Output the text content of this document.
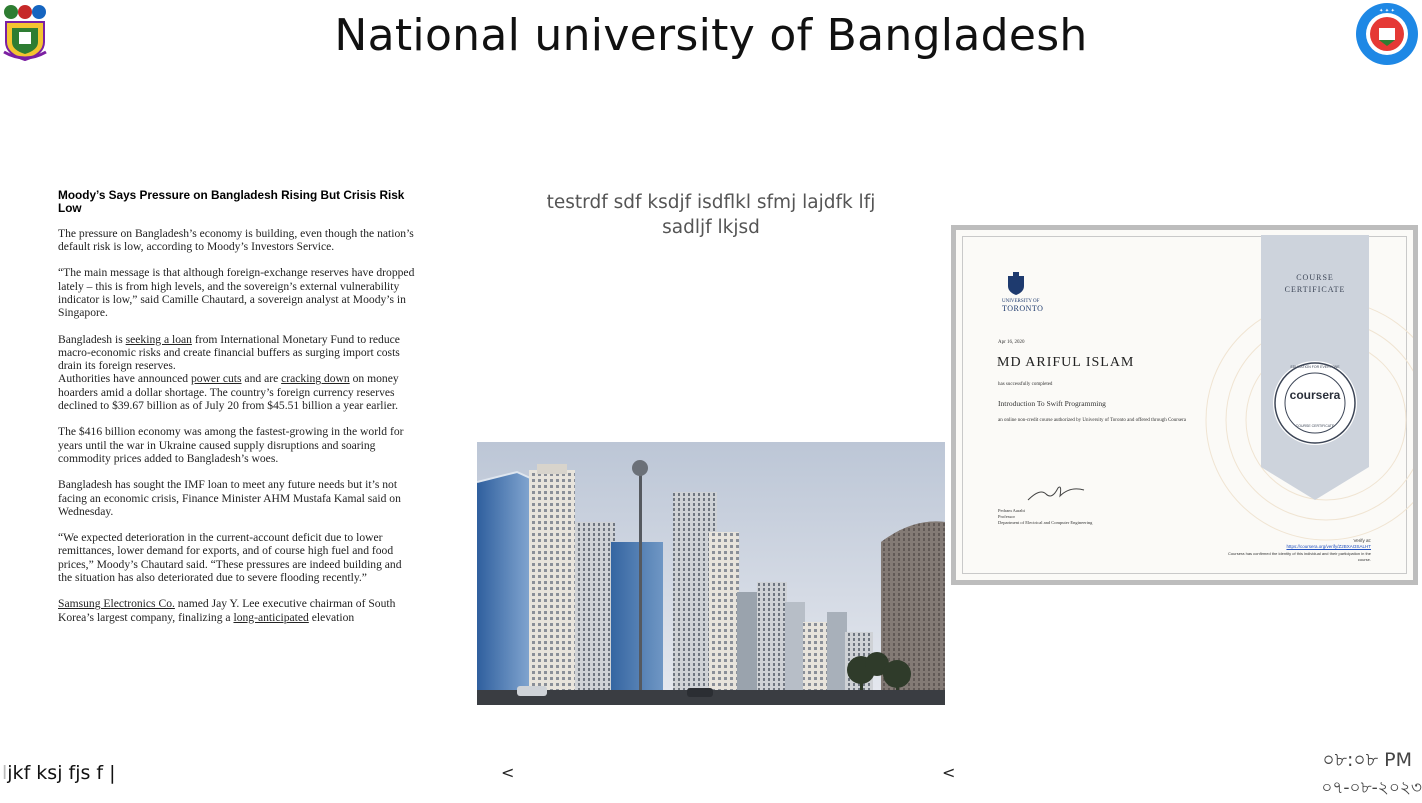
National university of Bangladesh	✦ ✦ ✦
Moody’s Says Pressure on Bangladesh Rising But Crisis Risk Low

The pressure on Bangladesh’s economy is building, even though the nation’s default risk is low, according to Moody’s Investors Service.

“The main message is that although foreign-exchange reserves have dropped lately – this is from high levels, and the sovereign’s external vulnerability indicator is low,” said Camille Chautard, a sovereign analyst at Moody’s in Singapore.

Bangladesh is seeking a loan from International Monetary Fund to reduce macro-economic risks and create financial buffers as surging import costs drain its foreign reserves.

Authorities have announced power cuts and are cracking down on money hoarders amid a dollar shortage. The country’s foreign currency reserves declined to $39.67 billion as of July 20 from $45.51 billion a year earlier.

The $416 billion economy was among the fastest-growing in the world for years until the war in Ukraine caused supply disruptions and soaring commodity prices added to Bangladesh’s woes.

Bangladesh has sought the IMF loan to meet any future needs but it’s not facing an economic crisis, Finance Minister AHM Mustafa Kamal said on Wednesday.

“We expected deterioration in the current-account deficit due to lower remittances, lower demand for exports, and of course high fuel and food prices,” Moody’s Chautard said. “These pressures are indeed building and the situation has also deteriorated due to severe flooding recently.”

Samsung Electronics Co. named Jay Y. Lee executive chairman of South Korea’s largest company, finalizing a long-anticipated elevation

testrdf sdf ksdjf isdflkl sfmj lajdfk lfj sadljf lkjsd
UNIVERSITY OF
TORONTO
Apr 16, 2020
MD ARIFUL ISLAM
has successfully completed
Introduction To Swift Programming
an online non-credit course authorized by University of Toronto and offered through Coursera
Pedram Aarabi
Professor
Department of Electrical and Computer Engineering
COURSE
CERTIFICATE
coursera
EDUCATION FOR EVERYONE
COURSE CERTIFICATE
Verify at:
https://coursera.org/verify/Z2BXAI3SALHT
Coursera has confirmed the identity of this individual and their participation in the course.
ljkf ksj fjs f |	<	<
০৮:০৮ PM
০৭-০৮-২০২৩
